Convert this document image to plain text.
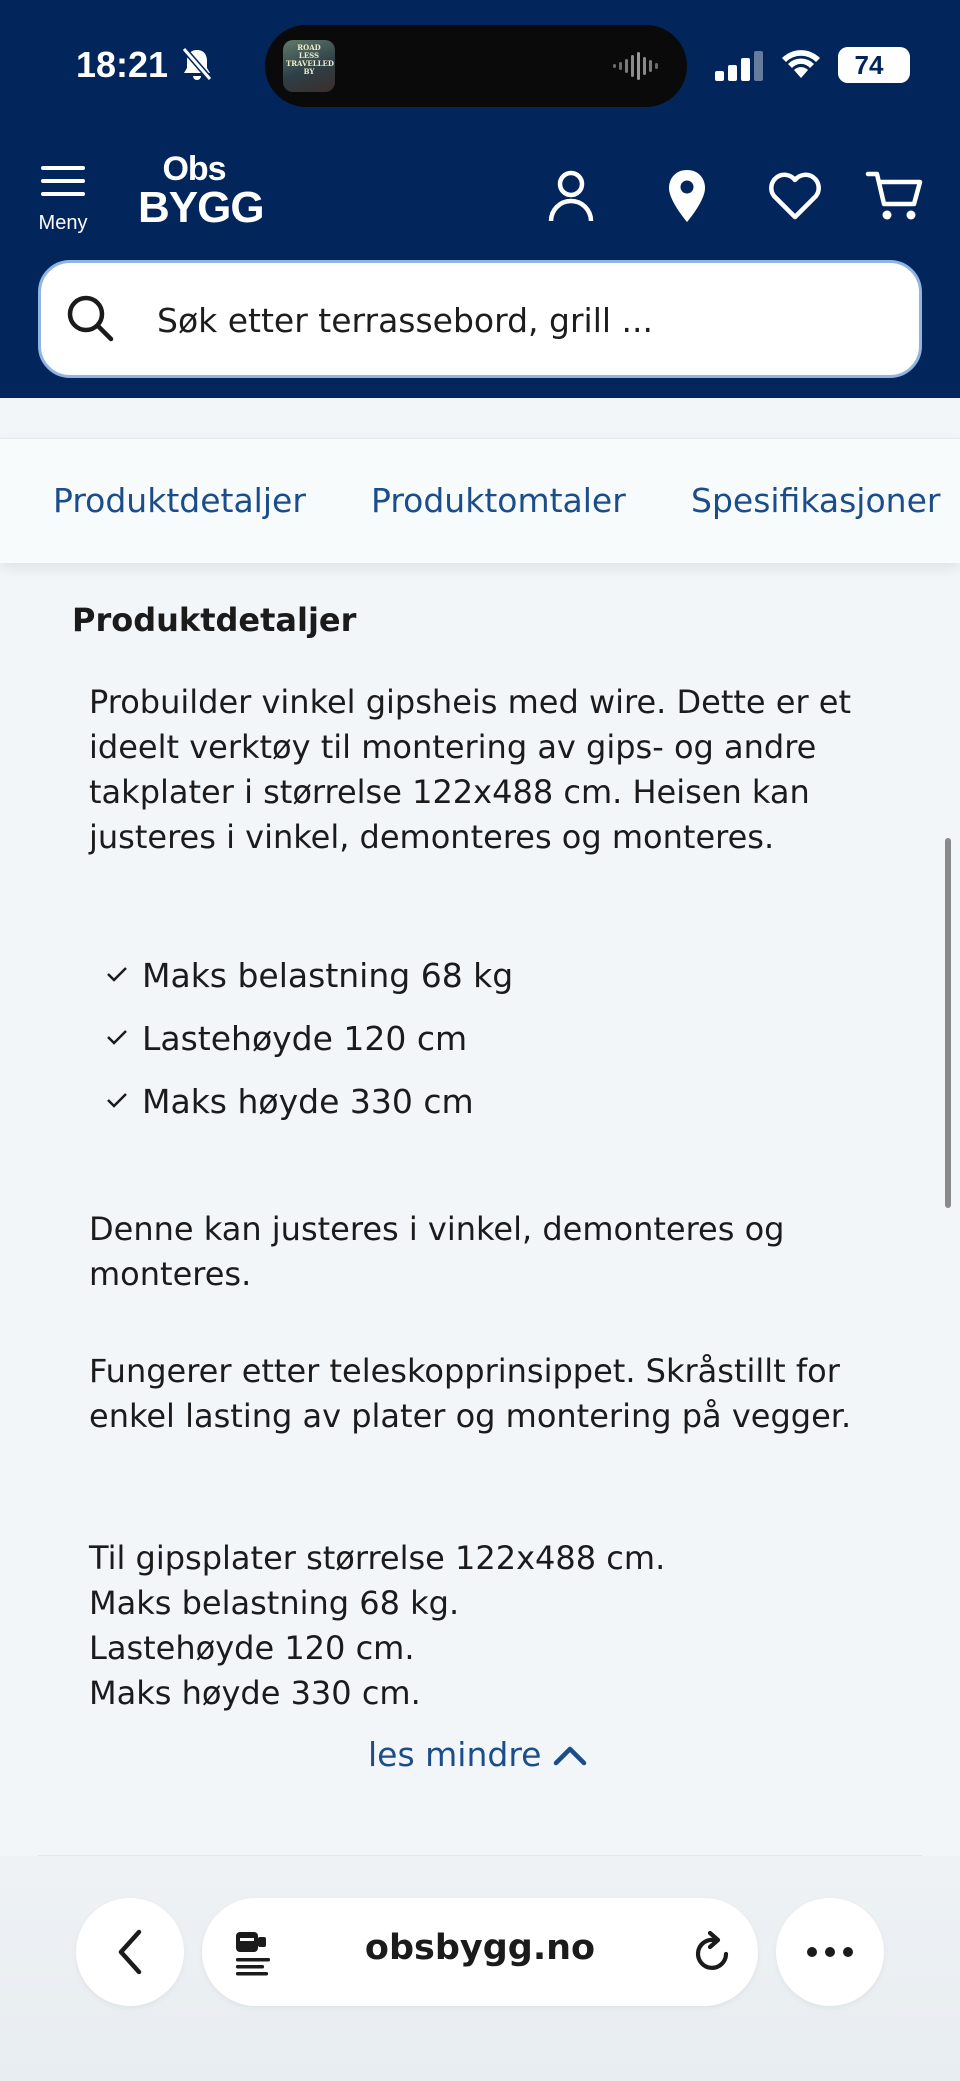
18:21	ROAD LESS TRAVELLED BY	74
Meny
Obs
BYGG
Søk etter terrassebord, grill ...
Produktdetaljer Produktomtaler Spesifikasjoner
Produktdetaljer
Probuilder vinkel gipsheis med wire. Dette er et ideelt verktøy til montering av gips- og andre takplater i størrelse 122x488 cm. Heisen kan justeres i vinkel, demonteres og monteres.
Maks belastning 68 kg
Lastehøyde 120 cm
Maks høyde 330 cm
Denne kan justeres i vinkel, demonteres og monteres.
Fungerer etter teleskopprinsippet. Skråstillt for enkel lasting av plater og montering på vegger.
Til gipsplater størrelse 122x488 cm.
Maks belastning 68 kg.
Lastehøyde 120 cm.
Maks høyde 330 cm.
les mindre
obsbygg.no
